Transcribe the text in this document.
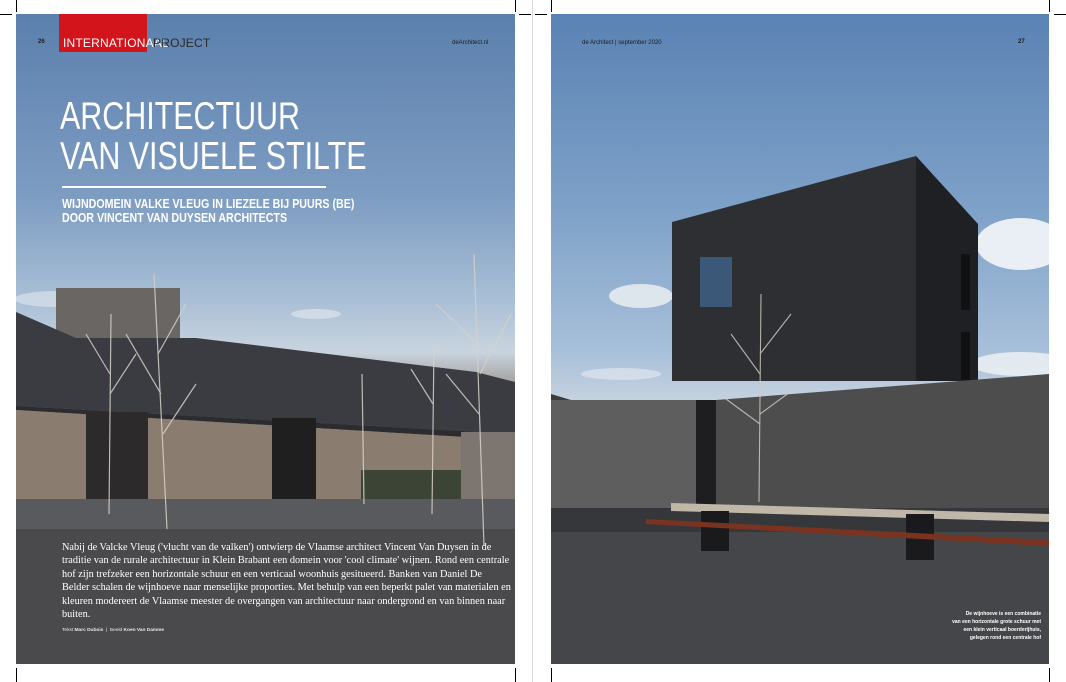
26 INTERNATIONAAL
PROJECT	deArchitect.nl
ARCHITECTUUR
VAN VISUELE STILTE
WIJNDOMEIN VALKE VLEUG IN LIEZELE BIJ PUURS (BE)
DOOR VINCENT VAN DUYSEN ARCHITECTS
Nabij de Valcke Vleug ('vlucht van de valken') ontwierp de Vlaamse architect Vincent Van Duysen in de traditie van de rurale architectuur in Klein Brabant een domein voor 'cool climate' wijnen. Rond een centrale hof zijn trefzeker een horizontale schuur en een verticaal woonhuis gesitueerd. Banken van Daniel De Belder schalen de wijnhoeve naar menselijke proporties. Met behulp van een beperkt palet van materialen en kleuren modereert de Vlaamse meester de overgangen van architectuur naar ondergrond en van binnen naar buiten.
Tekst Marc Dubois  |  Beeld Koen Van Damme
de Architect | september 2020	27
De wijnhoeve is een combinatie
van een horizontale grote schuur met
een klein verticaal boerderijhuis,
gelegen rond een centrale hof
